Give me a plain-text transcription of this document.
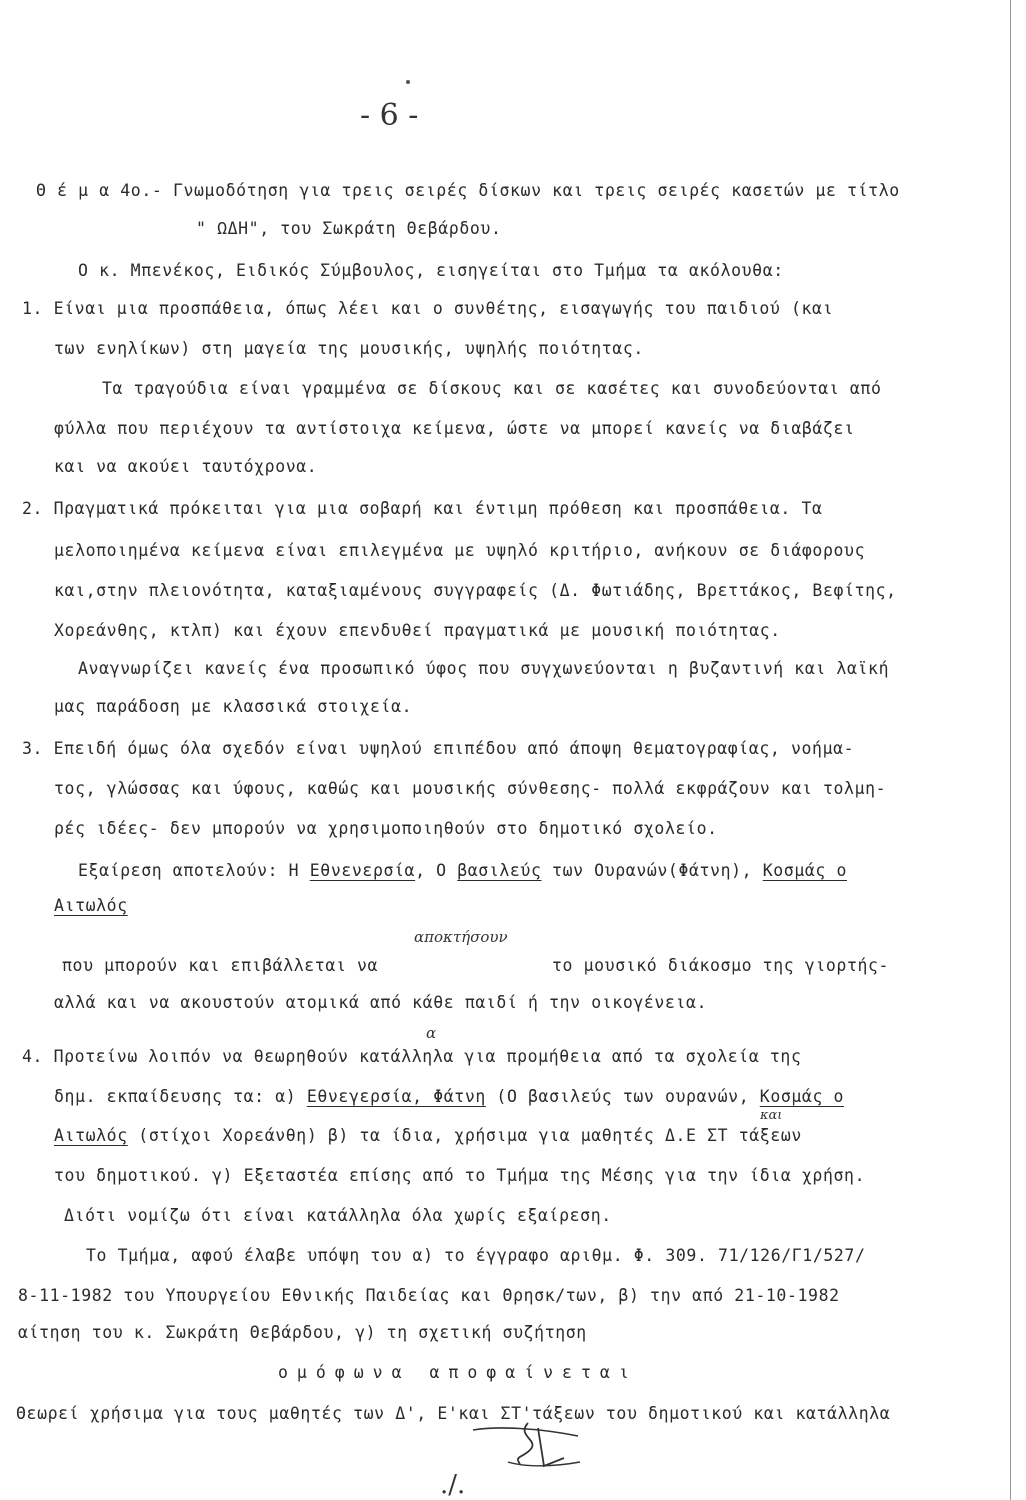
- 6 -
Θ έ μ α 4ο.- Γνωμοδότηση για τρεις σειρές δίσκων και τρεις σειρές κασετών με τίτλο
" ΩΔΗ", του Σωκράτη Θεβάρδου.
Ο κ. Μπενέκος, Ειδικός Σύμβουλος, εισηγείται στο Τμήμα τα ακόλουθα:
1. Είναι μια προσπάθεια, όπως λέει και ο συνθέτης, εισαγωγής του παιδιού (και
των ενηλίκων) στη μαγεία της μουσικής, υψηλής ποιότητας.
Τα τραγούδια είναι γραμμένα σε δίσκους και σε κασέτες και συνοδεύονται από
φύλλα που περιέχουν τα αντίστοιχα κείμενα, ώστε να μπορεί κανείς να διαβάζει
και να ακούει ταυτόχρονα.
2. Πραγματικά πρόκειται για μια σοβαρή και έντιμη πρόθεση και προσπάθεια. Τα
μελοποιημένα κείμενα είναι επιλεγμένα με υψηλό κριτήριο, ανήκουν σε διάφορους
και,στην πλειονότητα, καταξιαμένους συγγραφείς (Δ. Φωτιάδης, Βρεττάκος, Βεφίτης,
Χορεάνθης, κτλπ) και έχουν επενδυθεί πραγματικά με μουσική ποιότητας.
Αναγνωρίζει κανείς ένα προσωπικό ύφος που συγχωνεύονται η βυζαντινή και λαϊκή
μας παράδοση με κλασσικά στοιχεία.
3. Επειδή όμως όλα σχεδόν είναι υψηλού επιπέδου από άποψη θεματογραφίας, νοήμα-
τος, γλώσσας και ύφους, καθώς και μουσικής σύνθεσης- πολλά εκφράζουν και τολμη-
ρές ιδέες- δεν μπορούν να χρησιμοποιηθούν στο δημοτικό σχολείο.
Εξαίρεση αποτελούν: Η Εθνενερσία, Ο βασιλεύς των Ουρανών(Φάτνη), Κοσμάς ο
Αιτωλός
αποκτήσουν
που μπορούν και επιβάλλεται να	το μουσικό διάκοσμο της γιορτής-
αλλά και να ακουστούν ατομικά από κάθε παιδί ή την οικογένεια.
α
4. Προτείνω λοιπόν να θεωρηθούν κατάλληλα για προμήθεια από τα σχολεία της
δημ. εκπαίδευσης τα: α) Εθνεγερσία, Φάτνη (Ο βασιλεύς των ουρανών, Κοσμάς ο
και
Αιτωλός (στίχοι Χορεάνθη) β) τα ίδια, χρήσιμα για μαθητές Δ.Ε ΣΤ τάξεων
του δημοτικού. γ) Εξεταστέα επίσης από το Τμήμα της Μέσης για την ίδια χρήση.
Διότι νομίζω ότι είναι κατάλληλα όλα χωρίς εξαίρεση.
Το Τμήμα, αφού έλαβε υπόψη του α) το έγγραφο αριθμ. Φ. 309. 71/126/Γ1/527/
8-11-1982 του Υπουργείου Εθνικής Παιδείας και Θρησκ/των, β) την από 21-10-1982
αίτηση του κ. Σωκράτη Θεβάρδου, γ) τη σχετική συζήτηση
ομόφωνα αποφαίνεται
Θεωρεί χρήσιμα για τους μαθητές των Δ', Ε'και ΣΤ'τάξεων του δημοτικού και κατάλληλα
./.
